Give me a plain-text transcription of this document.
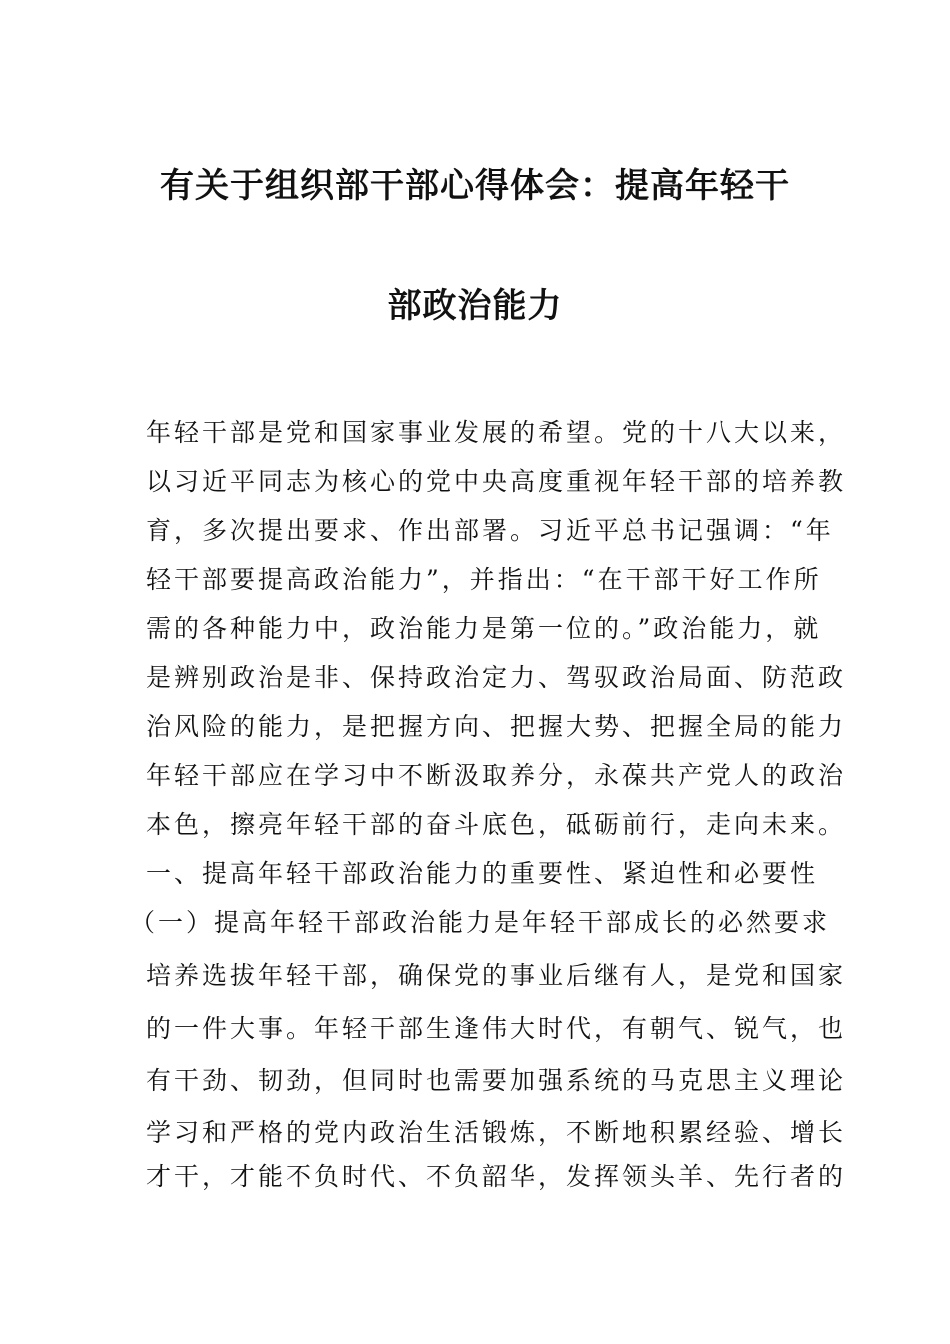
有关于组织部干部心得体会：提高年轻干
部政治能力
年轻干部是党和国家事业发展的希望。党的十八大以来，
以习近平同志为核心的党中央高度重视年轻干部的培养教
育，多次提出要求、作出部署。习近平总书记强调：“年
轻干部要提高政治能力”，并指出：“在干部干好工作所
需的各种能力中，政治能力是第一位的。”政治能力，就
是辨别政治是非、保持政治定力、驾驭政治局面、防范政
治风险的能力，是把握方向、把握大势、把握全局的能力
年轻干部应在学习中不断汲取养分，永葆共产党人的政治
本色，擦亮年轻干部的奋斗底色，砥砺前行，走向未来。
一、提高年轻干部政治能力的重要性、紧迫性和必要性
（一）提高年轻干部政治能力是年轻干部成长的必然要求
培养选拔年轻干部，确保党的事业后继有人，是党和国家
的一件大事。年轻干部生逢伟大时代，有朝气、锐气，也
有干劲、韧劲，但同时也需要加强系统的马克思主义理论
学习和严格的党内政治生活锻炼，不断地积累经验、增长
才干，才能不负时代、不负韶华，发挥领头羊、先行者的
